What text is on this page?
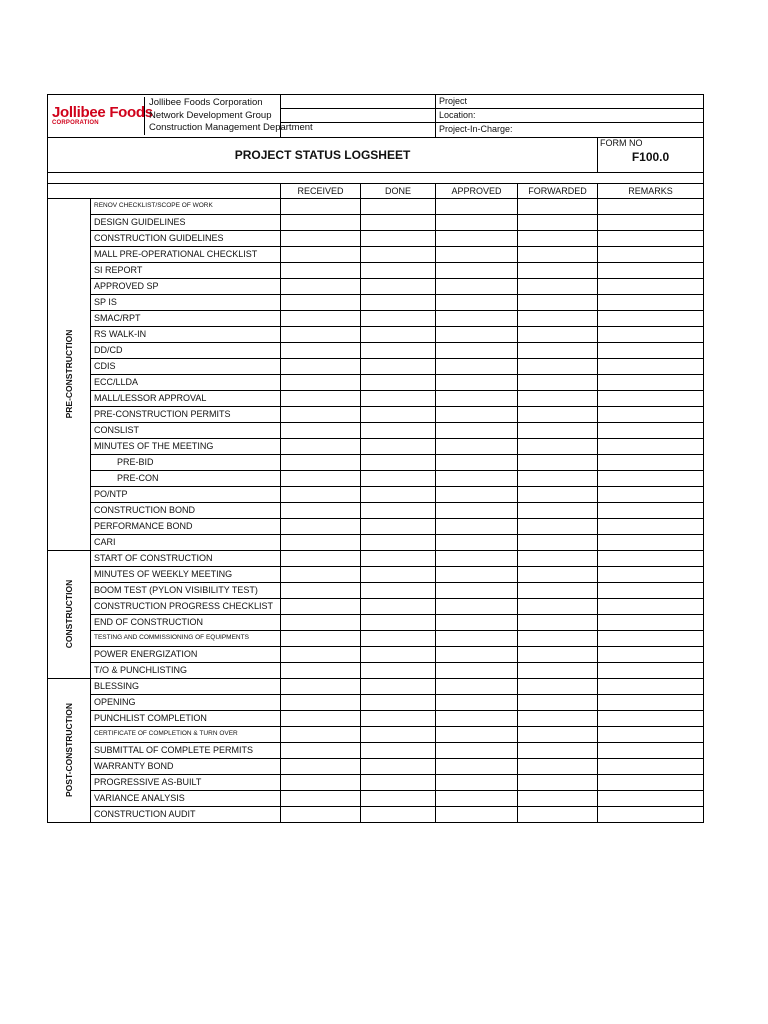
Jollibee Foods
CORPORATION
Jollibee Foods Corporation
Network Development Group
Construction Management Department				Project		
				Location:		
				Project-In-Charge:		
PROJECT STATUS LOGSHEET						FORM NO
F100.0

		RECEIVED	DONE	APPROVED	FORWARDED	REMARKS

PRE-CONSTRUCTION	RENOV CHECKLIST/SCOPE OF WORK					
	DESIGN GUIDELINES					
	CONSTRUCTION GUIDELINES					
	MALL PRE-OPERATIONAL CHECKLIST					
	SI REPORT					
	APPROVED SP					
	SP IS					
	SMAC/RPT					
	RS WALK-IN					
	DD/CD					
	CDIS					
	ECC/LLDA					
	MALL/LESSOR APPROVAL					
	PRE-CONSTRUCTION PERMITS					
	CONSLIST					
	MINUTES OF THE MEETING					
	PRE-BID					
	PRE-CON					
	PO/NTP					
	CONSTRUCTION BOND					
	PERFORMANCE BOND					
	CARI					

CONSTRUCTION	START OF CONSTRUCTION					
	MINUTES OF WEEKLY MEETING					
	BOOM TEST (PYLON VISIBILITY TEST)					
	CONSTRUCTION PROGRESS CHECKLIST					
	END OF CONSTRUCTION					
	TESTING AND COMMISSIONING OF EQUIPMENTS					
	POWER ENERGIZATION					
	T/O & PUNCHLISTING					

POST-CONSTRUCTION	BLESSING					
	OPENING					
	PUNCHLIST COMPLETION					
	CERTIFICATE OF COMPLETION & TURN OVER					
	SUBMITTAL OF COMPLETE PERMITS					
	WARRANTY BOND					
	PROGRESSIVE AS-BUILT					
	VARIANCE ANALYSIS					
	CONSTRUCTION AUDIT					
